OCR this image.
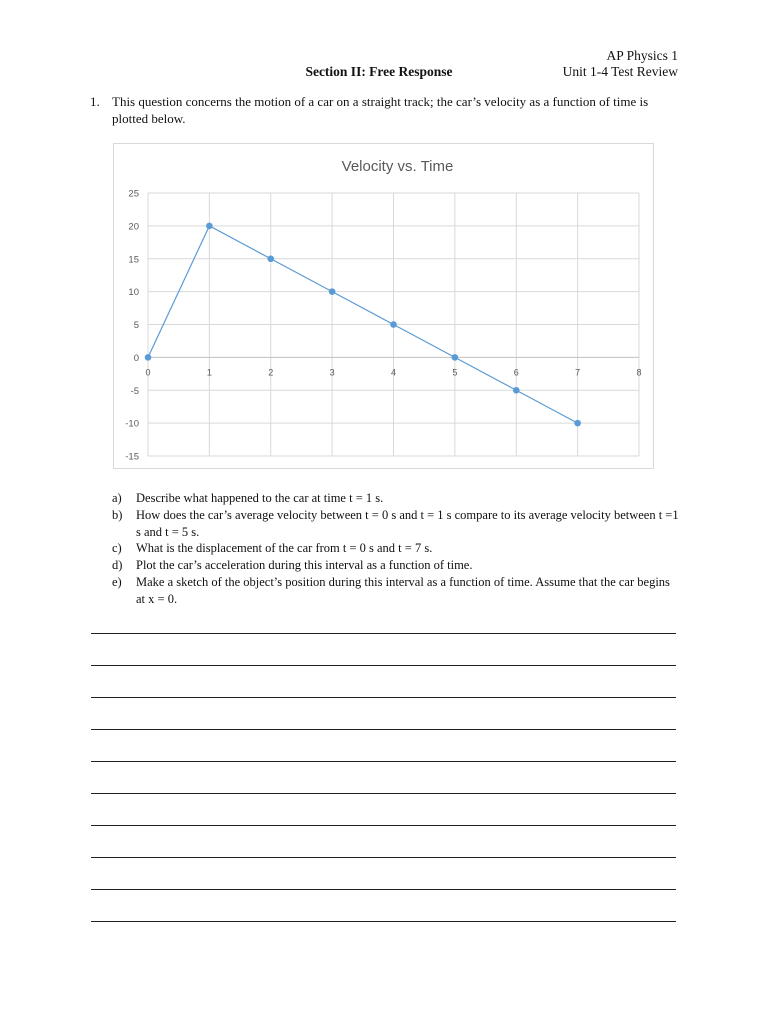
AP Physics 1
Unit 1-4 Test Review
Section II: Free Response
1. This question concerns the motion of a car on a straight track; the car’s velocity as a function of time is plotted below.
Velocity vs. Time
25
20
15
10
5
0
-5
-10
-15
0	1	2	3	4	5	6	7	8
a)	Describe what happened to the car at time t = 1 s.
b)	How does the car’s average velocity between t = 0 s and t = 1 s compare to its average velocity between t =1 s and t = 5 s.
c)	What is the displacement of the car from t = 0 s and t = 7 s.
d)	Plot the car’s acceleration during this interval as a function of time.
e)	Make a sketch of the object’s position during this interval as a function of time. Assume that the car begins at x = 0.
